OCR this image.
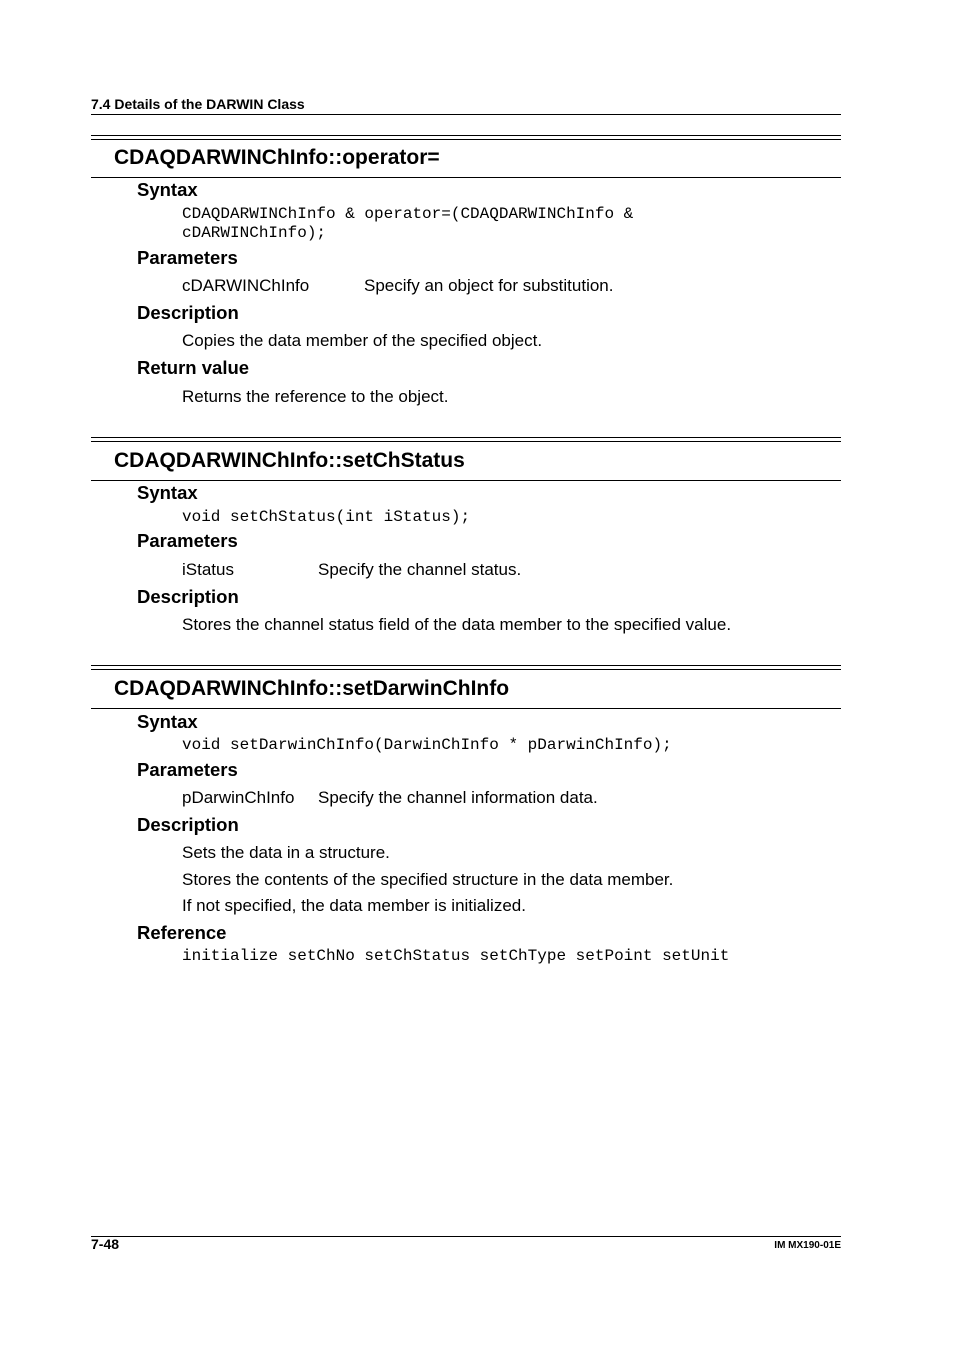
7.4 Details of the DARWIN Class
CDAQDARWINChInfo::operator=
Syntax
CDAQDARWINChInfo & operator=(CDAQDARWINChInfo &
cDARWINChInfo);
Parameters
cDARWINChInfo	Specify an object for substitution.
Description
Copies the data member of the specified object.
Return value
Returns the reference to the object.
CDAQDARWINChInfo::setChStatus
Syntax
void setChStatus(int iStatus);
Parameters
iStatus	Specify the channel status.
Description
Stores the channel status field of the data member to the specified value.
CDAQDARWINChInfo::setDarwinChInfo
Syntax
void setDarwinChInfo(DarwinChInfo * pDarwinChInfo);
Parameters
pDarwinChInfo Specify the channel information data.
Description
Sets the data in a structure.
Stores the contents of the specified structure in the data member.
If not specified, the data member is initialized.
Reference
initialize setChNo setChStatus setChType setPoint setUnit
7-48	IM MX190-01E
